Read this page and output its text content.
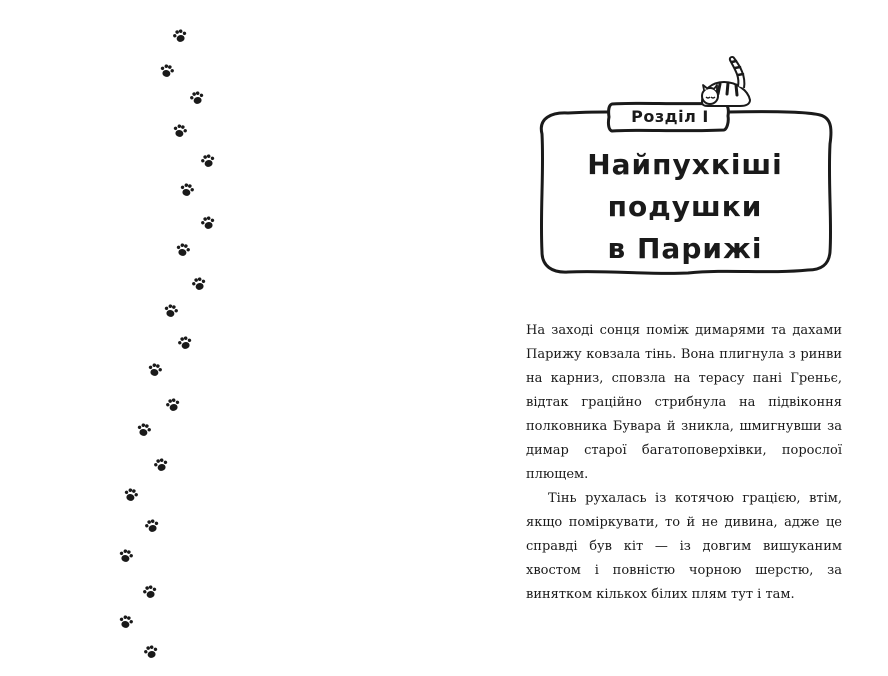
Розділ I
Найпухкіші
подушки
в Парижі

На заході сонця поміж димарями та дахами Парижу ковзала тінь. Вона плигнула з ринви на карниз, сповзла на терасу пані Греньє, відтак грацiйно стрибнула на підвіконня полковника Бувара й зникла, шмигнувши за димар старої багатоповерхівки, порослої плющем.

Тінь рухалась із котячою грацією, втім, якщо поміркувати, то й не дивина, адже це справді був кіт — із довгим вишуканим хвостом і повністю чорною шерстю, за винятком кількох білих плям тут і там.
